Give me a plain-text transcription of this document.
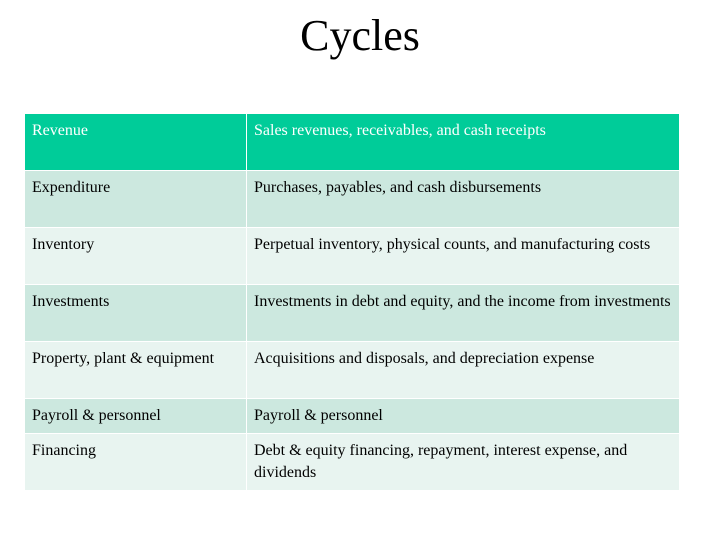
Cycles
Revenue	Sales revenues, receivables, and cash receipts
Expenditure	Purchases, payables, and cash disbursements
Inventory	Perpetual inventory, physical counts, and manufacturing costs
Investments	Investments in debt and equity, and the income from investments
Property, plant & equipment	Acquisitions and disposals, and depreciation expense
Payroll & personnel	Payroll & personnel
Financing	Debt & equity financing, repayment, interest expense, and dividends
